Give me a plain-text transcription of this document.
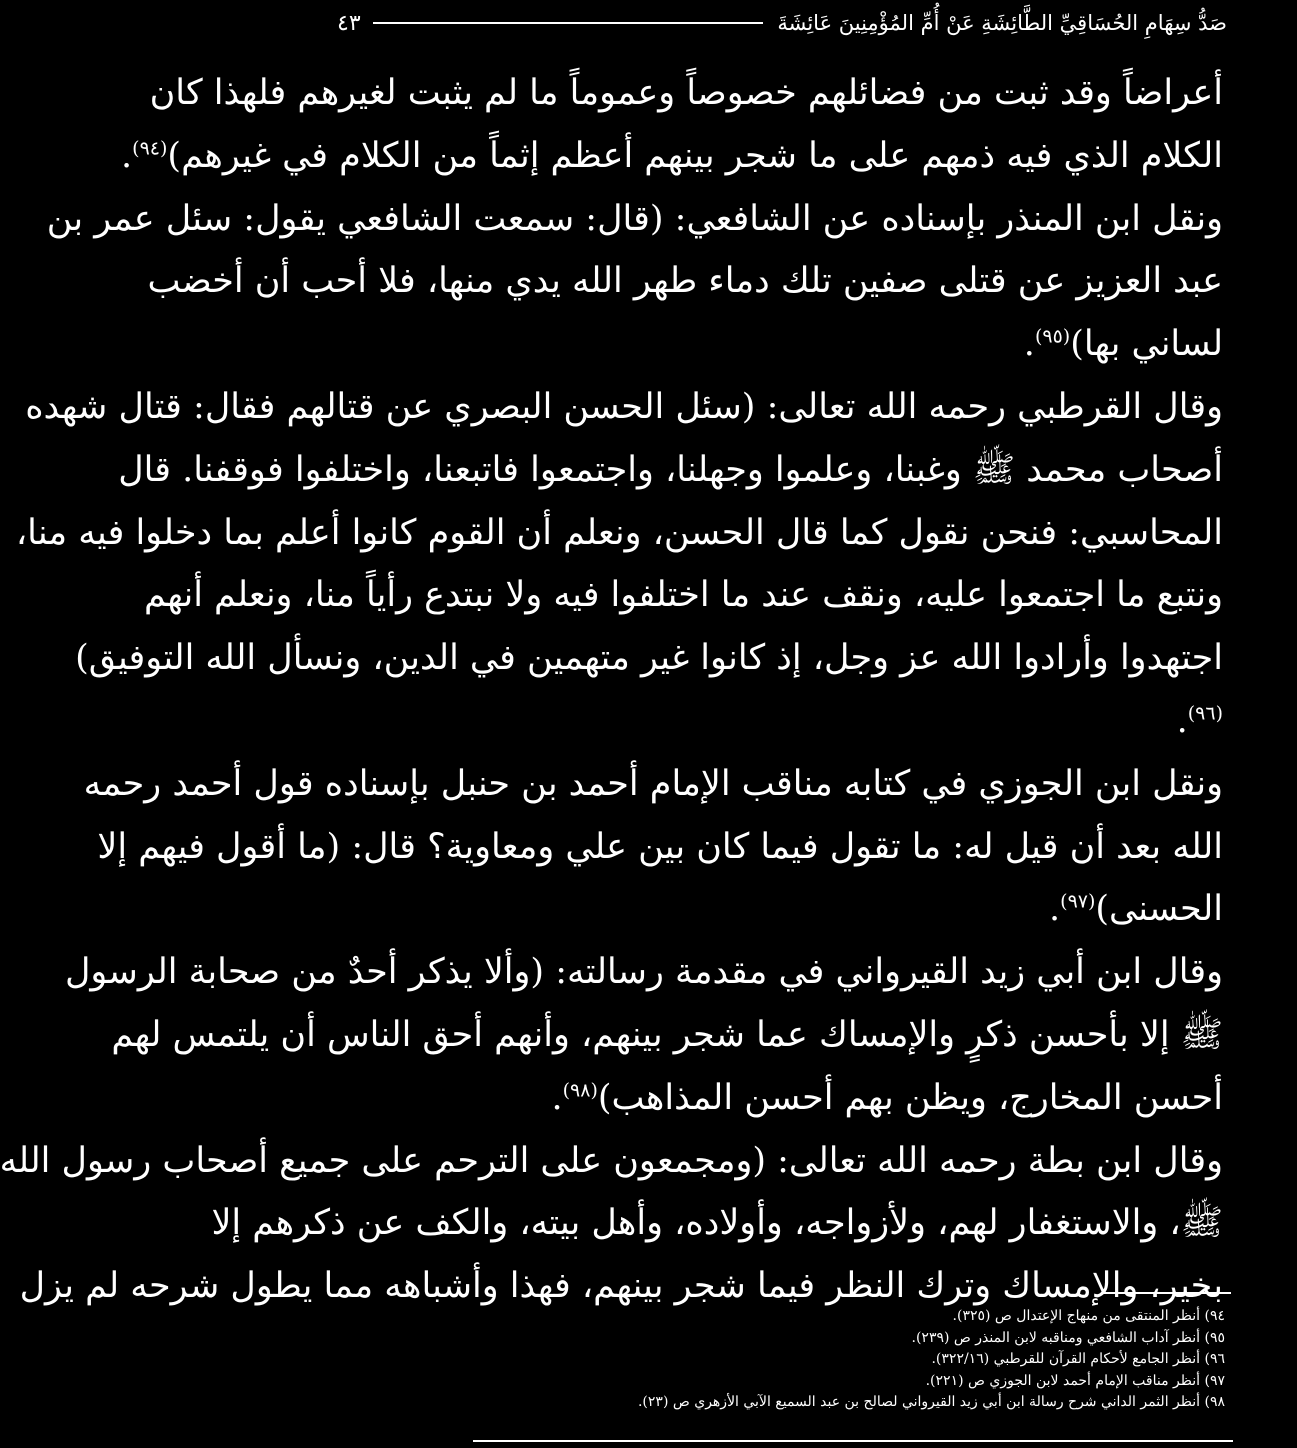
صَدُّ سِهَامِ الحُسَاقِيِّ الطَّائِشَةِ عَنْ أُمِّ المُؤْمِنِينَ عَائِشَةَ
٤٣
أعراضاً وقد ثبت من فضائلهم خصوصاً وعموماً ما لم يثبت لغيرهم فلهذا كان
الكلام الذي فيه ذمهم على ما شجر بينهم أعظم إثماً من الكلام في غيرهم)$^{(٩٤)}$.
ونقل ابن المنذر بإسناده عن الشافعي: (قال: سمعت الشافعي يقول: سئل عمر بن
عبد العزيز عن قتلى صفين تلك دماء طهر الله يدي منها، فلا أحب أن أخضب
لساني بها)$^{(٩٥)}$.
وقال القرطبي رحمه الله تعالى: (سئل الحسن البصري عن قتالهم فقال: قتال شهده
أصحاب محمد ﷺ وغبنا، وعلموا وجهلنا، واجتمعوا فاتبعنا، واختلفوا فوقفنا. قال
المحاسبي: فنحن نقول كما قال الحسن، ونعلم أن القوم كانوا أعلم بما دخلوا فيه منا،
ونتبع ما اجتمعوا عليه، ونقف عند ما اختلفوا فيه ولا نبتدع رأياً منا، ونعلم أنهم
اجتهدوا وأرادوا الله عز وجل، إذ كانوا غير متهمين في الدين، ونسأل الله التوفيق)
$^{(٩٦)}$.
ونقل ابن الجوزي في كتابه مناقب الإمام أحمد بن حنبل بإسناده قول أحمد رحمه
الله بعد أن قيل له: ما تقول فيما كان بين علي ومعاوية؟ قال: (ما أقول فيهم إلا
الحسنى)$^{(٩٧)}$.
وقال ابن أبي زيد القيرواني في مقدمة رسالته: (وألا يذكر أحدٌ من صحابة الرسول
ﷺ إلا بأحسن ذكرٍ والإمساك عما شجر بينهم، وأنهم أحق الناس أن يلتمس لهم
أحسن المخارج، ويظن بهم أحسن المذاهب)$^{(٩٨)}$.
وقال ابن بطة رحمه الله تعالى: (ومجمعون على الترحم على جميع أصحاب رسول الله
ﷺ، والاستغفار لهم، ولأزواجه، وأولاده، وأهل بيته، والكف عن ذكرهم إلا
بخير، والإمساك وترك النظر فيما شجر بينهم، فهذا وأشباهه مما يطول شرحه لم يزل
٩٤) أنظر المنتقى من منهاج الإعتدال ص (٣٢٥).
٩٥) أنظر آداب الشافعي ومناقبه لابن المنذر ص (٢٣٩).
٩٦) أنظر الجامع لأحكام القرآن للقرطبي (٣٢٢/١٦).
٩٧) أنظر مناقب الإمام أحمد لابن الجوزي ص (٢٢١).
٩٨) أنظر الثمر الداني شرح رسالة ابن أبي زيد القيرواني لصالح بن عبد السميع الآبي الأزهري ص (٢٣).
